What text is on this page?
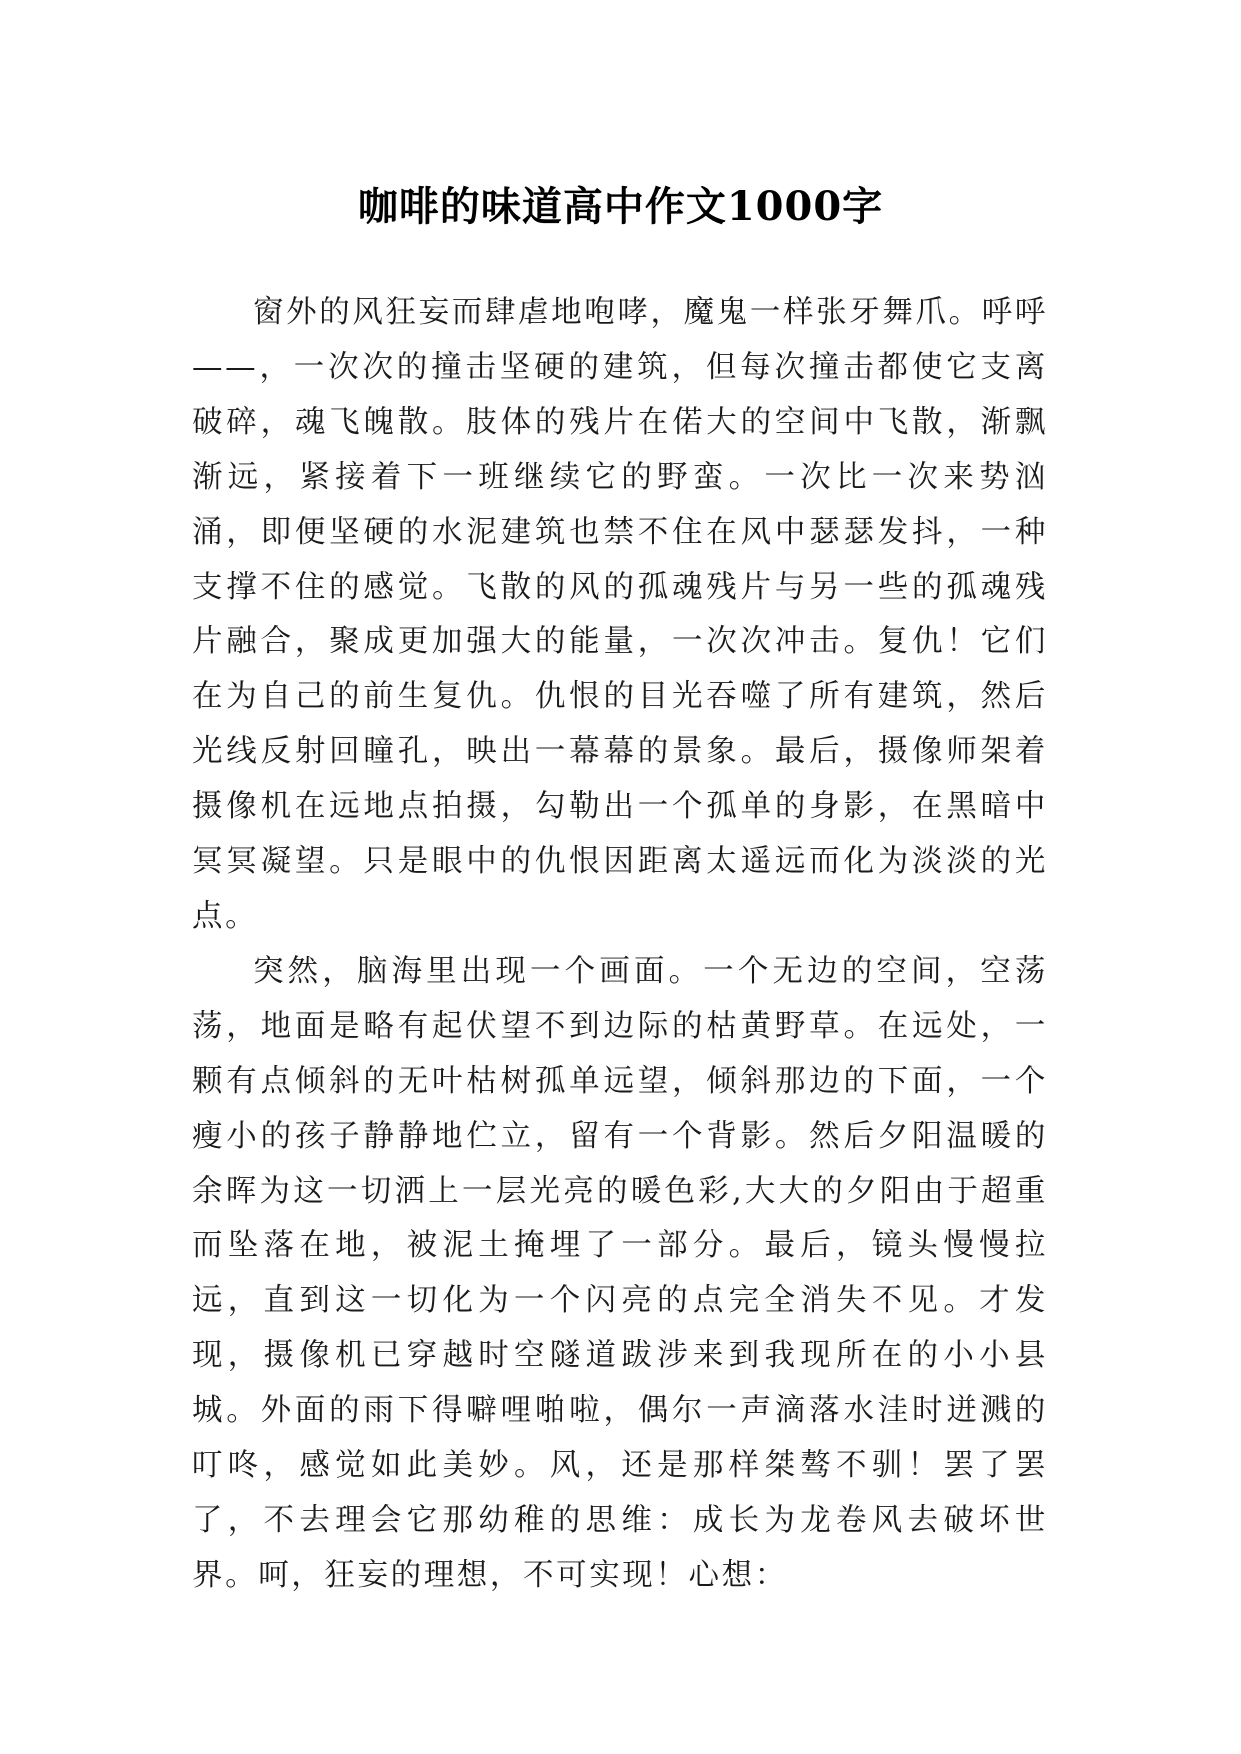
咖啡的味道高中作文1000字

窗外的风狂妄而肆虐地咆哮，魔鬼一样张牙舞爪。呼呼——，一次次的撞击坚硬的建筑，但每次撞击都使它支离破碎，魂飞魄散。肢体的残片在偌大的空间中飞散，渐飘渐远，紧接着下一班继续它的野蛮。一次比一次来势汹涌，即便坚硬的水泥建筑也禁不住在风中瑟瑟发抖，一种支撑不住的感觉。飞散的风的孤魂残片与另一些的孤魂残片融合，聚成更加强大的能量，一次次冲击。复仇！它们在为自己的前生复仇。仇恨的目光吞噬了所有建筑，然后光线反射回瞳孔，映出一幕幕的景象。最后，摄像师架着摄像机在远地点拍摄，勾勒出一个孤单的身影，在黑暗中冥冥凝望。只是眼中的仇恨因距离太遥远而化为淡淡的光点。

突然，脑海里出现一个画面。一个无边的空间，空荡荡，地面是略有起伏望不到边际的枯黄野草。在远处，一颗有点倾斜的无叶枯树孤单远望，倾斜那边的下面，一个瘦小的孩子静静地伫立，留有一个背影。然后夕阳温暖的余晖为这一切洒上一层光亮的暖色彩,大大的夕阳由于超重而坠落在地，被泥土掩埋了一部分。最后，镜头慢慢拉远，直到这一切化为一个闪亮的点完全消失不见。才发现，摄像机已穿越时空隧道跋涉来到我现所在的小小县城。外面的雨下得噼哩啪啦，偶尔一声滴落水洼时迸溅的叮咚，感觉如此美妙。风，还是那样桀骜不驯！罢了罢了，不去理会它那幼稚的思维：成长为龙卷风去破坏世界。呵，狂妄的理想，不可实现！心想：
